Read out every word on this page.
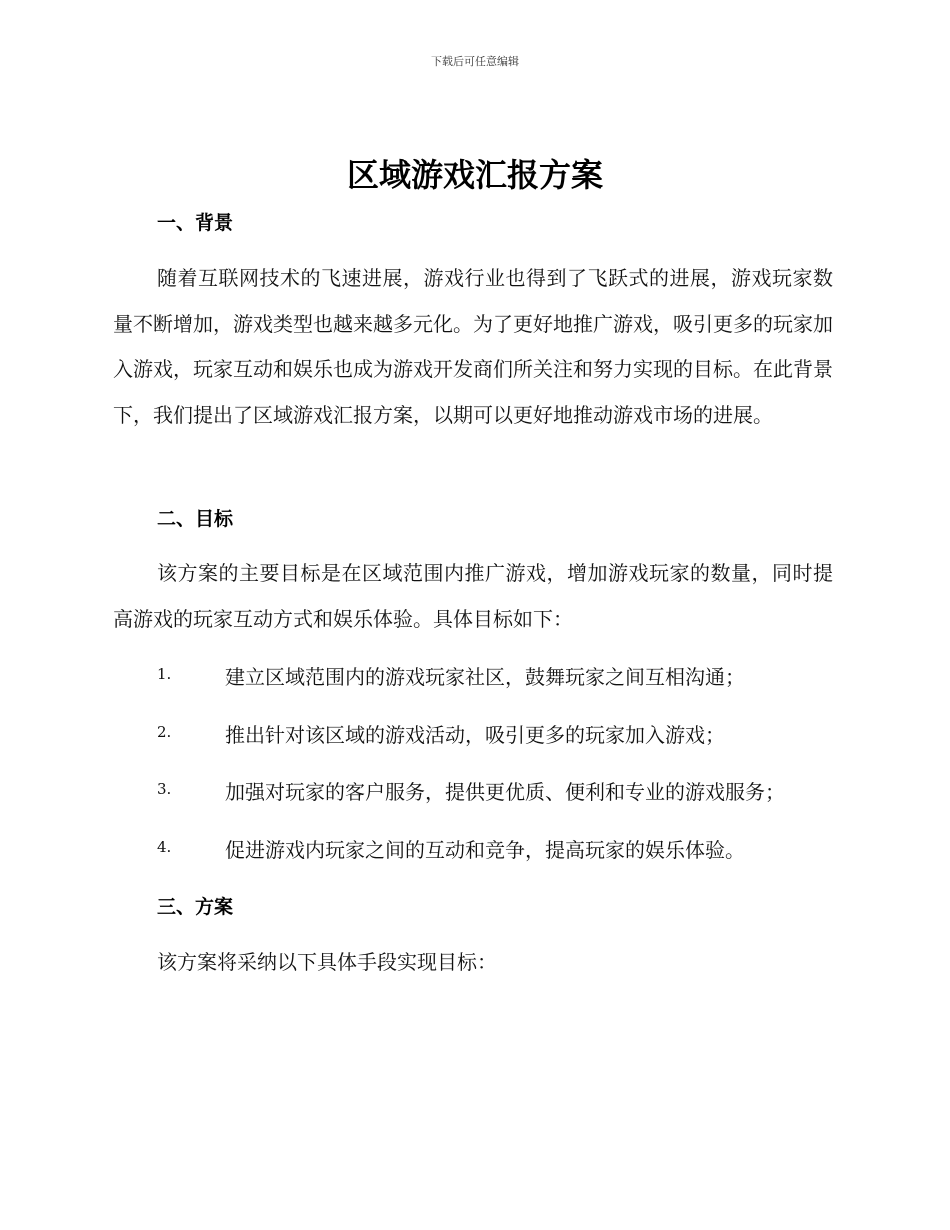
下载后可任意编辑
区域游戏汇报方案
一、背景

随着互联网技术的飞速进展，游戏行业也得到了飞跃式的进展，游戏玩家数量不断增加，游戏类型也越来越多元化。为了更好地推广游戏，吸引更多的玩家加入游戏，玩家互动和娱乐也成为游戏开发商们所关注和努力实现的目标。在此背景下，我们提出了区域游戏汇报方案，以期可以更好地推动游戏市场的进展。

二、目标

该方案的主要目标是在区域范围内推广游戏，增加游戏玩家的数量，同时提高游戏的玩家互动方式和娱乐体验。具体目标如下：

1.	建立区域范围内的游戏玩家社区，鼓舞玩家之间互相沟通；
2.	推出针对该区域的游戏活动，吸引更多的玩家加入游戏；
3.	加强对玩家的客户服务，提供更优质、便利和专业的游戏服务；
4.	促进游戏内玩家之间的互动和竞争，提高玩家的娱乐体验。
三、方案

该方案将采纳以下具体手段实现目标：
